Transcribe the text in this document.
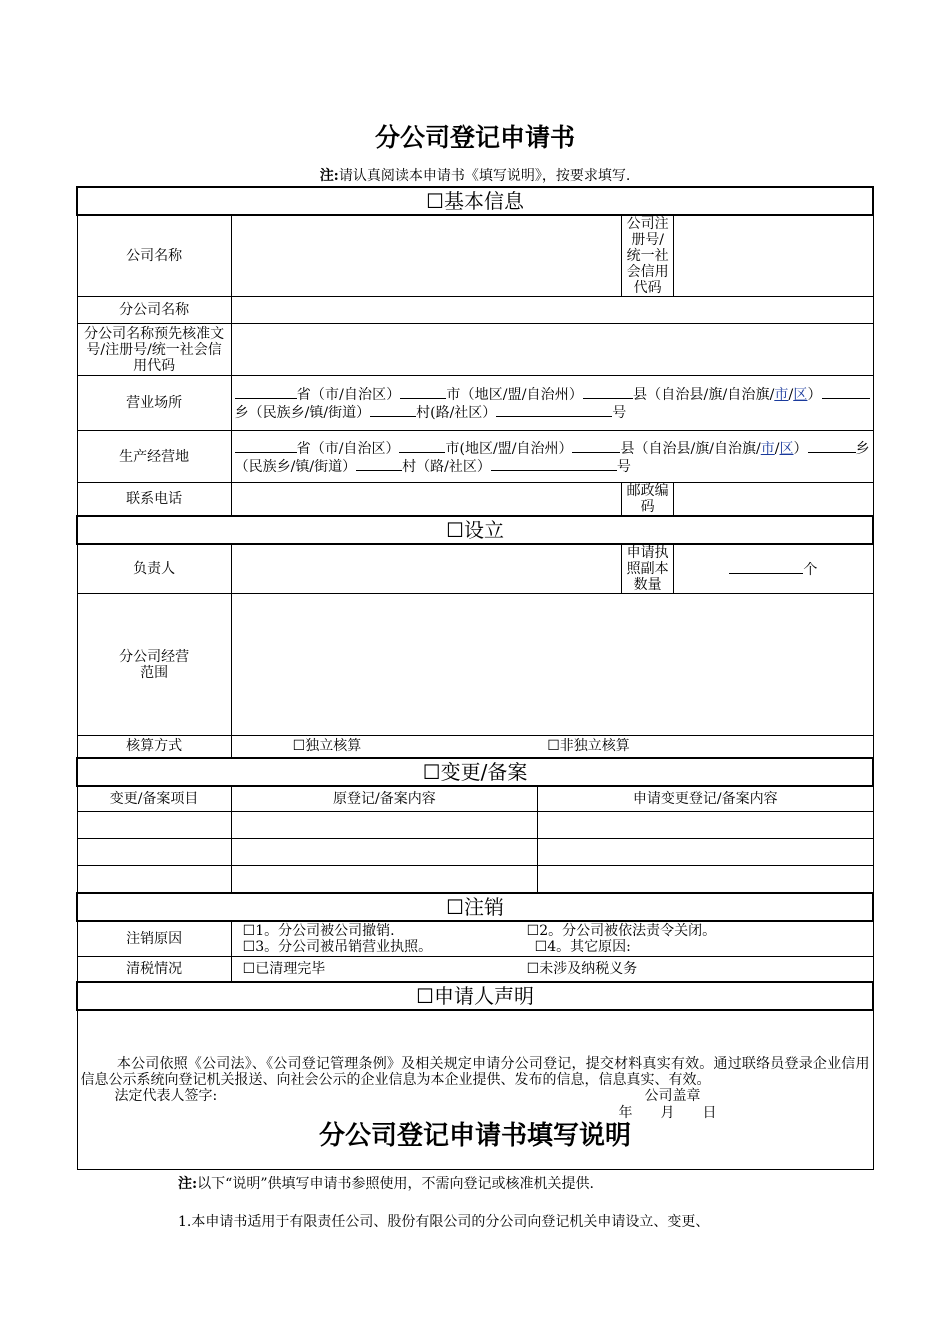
分公司登记申请书
注:请认真阅读本申请书《填写说明》，按要求填写.
☐基本信息				
公司名称			公司注册号/统一社会信用代码	
分公司名称				
分公司名称预先核准文号/注册号/统一社会信用代码				
营业场所	省（市/自治区） 市（地区/盟/自治州） 县（自治县/旗/自治旗/市/区）乡（民族乡/镇/街道） 村(路/社区） 号			
生产经营地	省（市/自治区） 市(地区/盟/自治州） 县（自治县/旗/自治旗/市/区） 乡（民族乡/镇/街道） 村（路/社区） 号			
联系电话			邮政编码	
☐设立				
负责人			申请执照副本数量	个
分公司经营范围				
核算方式	☐独立核算 ☐非独立核算			
☐变更/备案				
变更/备案项目	原登记/备案内容	申请变更登记/备案内容		

☐注销				
注销原因	☐1。分公司被公司撤销. ☐2。分公司被依法责令关闭。
☐3。分公司被吊销营业执照。 ☐4。其它原因:			

清税情况	☐已清理完毕 ☐未涉及纳税义务			
☐申请人声明				

本公司依照《公司法》、《公司登记管理条例》及相关规定申请分公司登记，提交材料真实有效。通过联络员登录企业信用信息公示系统向登记机关报送、向社会公示的企业信息为本企业提供、发布的信息，信息真实、有效。
法定代表人签字: 公司盖章
年　　月　　日				
分公司登记申请书填写说明
注:以下“说明”供填写申请书参照使用，不需向登记或核准机关提供.
1.本申请书适用于有限责任公司、股份有限公司的分公司向登记机关申请设立、变更、
